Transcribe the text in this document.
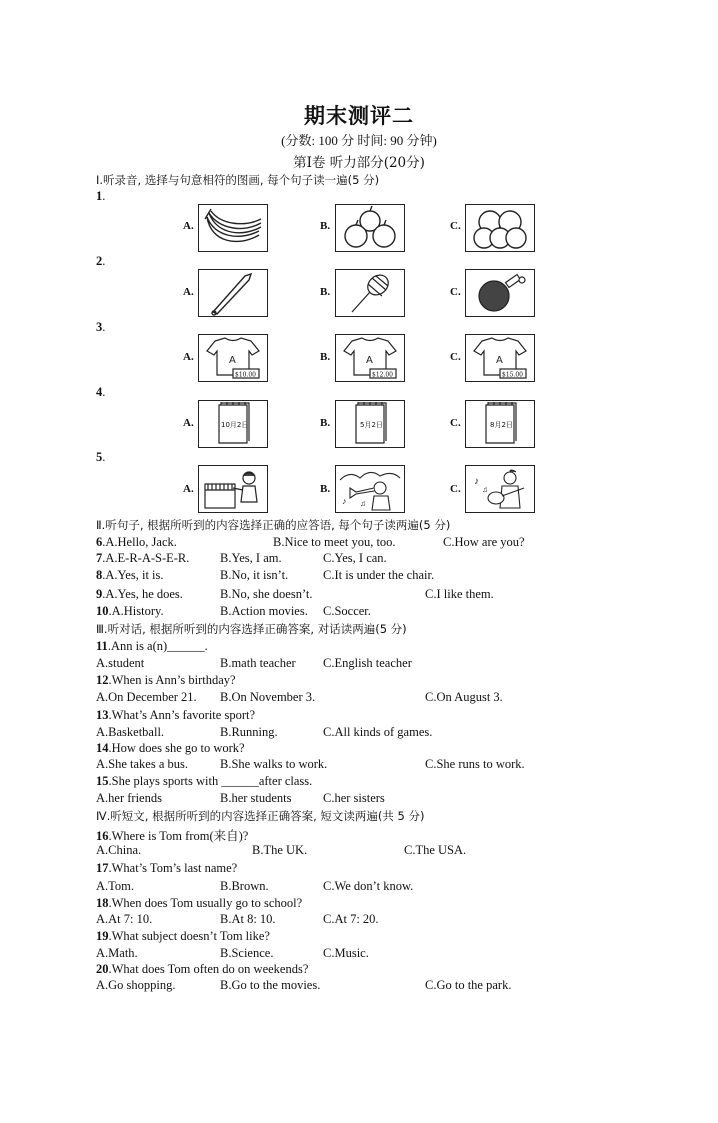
期末测评二
(分数: 100 分 时间: 90 分钟)
第Ⅰ卷 听力部分(20分)
Ⅰ.听录音, 选择与句意相符的图画, 每个句子读一遍(5 分)
1.
A.	B.	C.
2.
A.	B.	C.
3.
A.	A
$10.00
B.	A
$12.00
C.	A
$15.00
4.
A.	10月2日	B.	5月2日	C.	8月2日
5.
A.	B.
♪ ♫
C.
♪
♫
Ⅱ.听句子, 根据所听到的内容选择正确的应答语, 每个句子读两遍(5 分)
6.A.Hello, Jack.	B.Nice to meet you, too.	C.How are you?
7.A.E-R-A-S-E-R. B.Yes, I am.	C.Yes, I can.
8.A.Yes, it is.	B.No, it isn’t.	C.It is under the chair.
9.A.Yes, he does.	B.No, she doesn’t.	C.I like them.
10.A.History.	B.Action movies. C.Soccer.
Ⅲ.听对话, 根据所听到的内容选择正确答案, 对话读两遍(5 分)
11.Ann is a(n)______.
A.student	B.math teacher C.English teacher
12.When is Ann’s birthday?
A.On December 21. B.On November 3.	C.On August 3.
13.What’s Ann’s favorite sport?
A.Basketball.	B.Running.	C.All kinds of games.
14.How does she go to work?
A.She takes a bus.	B.She walks to work.	C.She runs to work.
15.She plays sports with ______after class.
A.her friends	B.her students	C.her sisters
Ⅳ.听短文, 根据所听到的内容选择正确答案, 短文读两遍(共 5 分)
16.Where is Tom from(来自)?
A.China.	B.The UK.	C.The USA.
17.What’s Tom’s last name?
A.Tom.	B.Brown.	C.We don’t know.
18.When does Tom usually go to school?
A.At 7: 10.	B.At 8: 10.	C.At 7: 20.
19.What subject doesn’t Tom like?
A.Math.	B.Science.	C.Music.
20.What does Tom often do on weekends?
A.Go shopping.	B.Go to the movies.	C.Go to the park.
